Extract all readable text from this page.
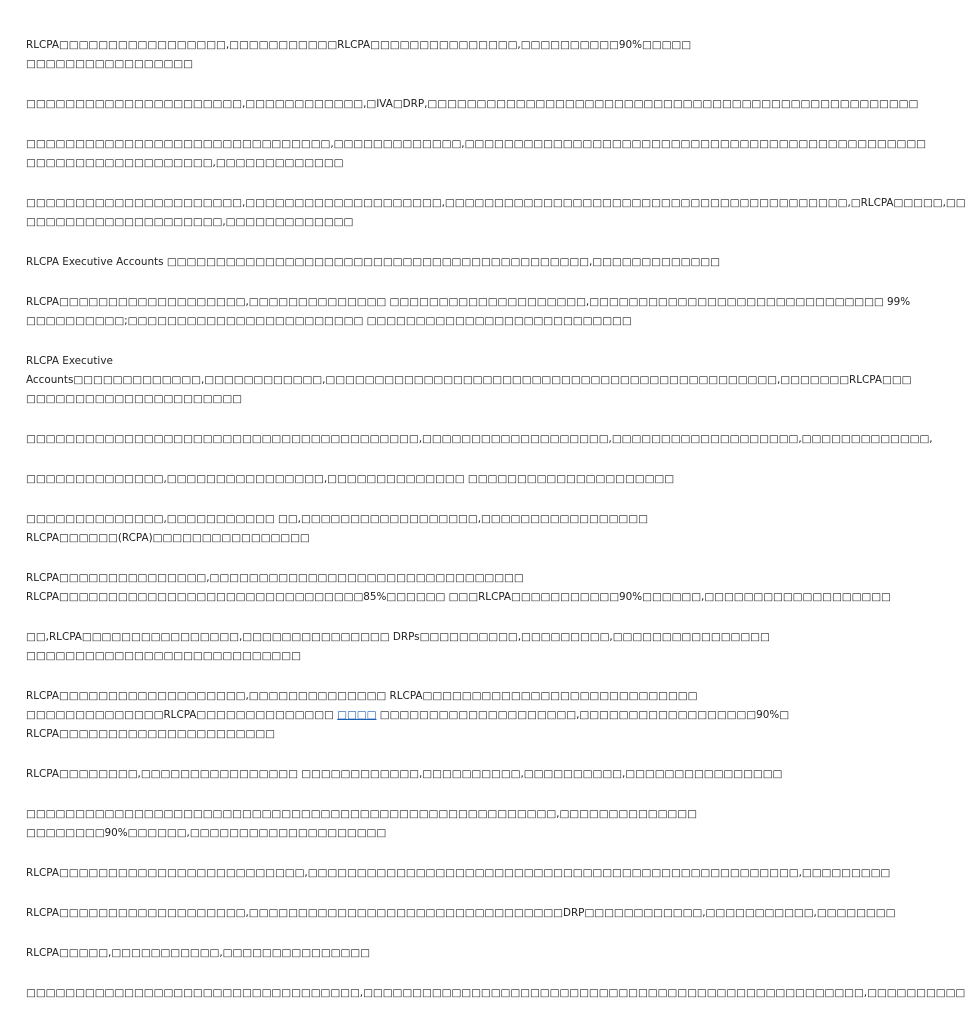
RLCPA□□□□□□□□□□□□□□□□□,□□□□□□□□□□□RLCPA□□□□□□□□□□□□□□□,□□□□□□□□□□90%□□□□□
□□□□□□□□□□□□□□□□□

□□□□□□□□□□□□□□□□□□□□□□,□□□□□□□□□□□□,□IVA□DRP,□□□□□□□□□□□□□□□□□□□□□□□□□□□□□□□□□□□□□□□□□□□□□□□□□□

□□□□□□□□□□□□□□□□□□□□□□□□□□□□□□□,□□□□□□□□□□□□□,□□□□□□□□□□□□□□□□□□□□□□□□□□□□□□□□□□□□□□□□□□□□□□□
□□□□□□□□□□□□□□□□□□□,□□□□□□□□□□□□□

□□□□□□□□□□□□□□□□□□□□□□,□□□□□□□□□□□□□□□□□□□□,□□□□□□□□□□□□□□□□□□□□□□□□□□□□□□□□□□□□□□□□□,□RLCPA□□□□□,□□
□□□□□□□□□□□□□□□□□□□□,□□□□□□□□□□□□□

RLCPA Executive Accounts □□□□□□□□□□□□□□□□□□□□□□□□□□□□□□□□□□□□□□□□□□□,□□□□□□□□□□□□□

RLCPA□□□□□□□□□□□□□□□□□□□,□□□□□□□□□□□□□□ □□□□□□□□□□□□□□□□□□□□,□□□□□□□□□□□□□□□□□□□□□□□□□□□□□□ 99%
□□□□□□□□□□;□□□□□□□□□□□□□□□□□□□□□□□□ □□□□□□□□□□□□□□□□□□□□□□□□□□□

RLCPA Executive
Accounts□□□□□□□□□□□□□,□□□□□□□□□□□□,□□□□□□□□□□□□□□□□□□□□□□□□□□□□□□□□□□□□□□□□□□□□□□,□□□□□□□RLCPA□□□
□□□□□□□□□□□□□□□□□□□□□□

□□□□□□□□□□□□□□□□□□□□□□□□□□□□□□□□□□□□□□□□,□□□□□□□□□□□□□□□□□□□,□□□□□□□□□□□□□□□□□□□,□□□□□□□□□□□□□,

□□□□□□□□□□□□□□,□□□□□□□□□□□□□□□□,□□□□□□□□□□□□□□ □□□□□□□□□□□□□□□□□□□□□

□□□□□□□□□□□□□□,□□□□□□□□□□□ □□,□□□□□□□□□□□□□□□□□□,□□□□□□□□□□□□□□□□□
RLCPA□□□□□□(RCPA)□□□□□□□□□□□□□□□□

RLCPA□□□□□□□□□□□□□□□,□□□□□□□□□□□□□□□□□□□□□□□□□□□□□□□□
RLCPA□□□□□□□□□□□□□□□□□□□□□□□□□□□□□□□85%□□□□□□ □□□RLCPA□□□□□□□□□□□90%□□□□□□,□□□□□□□□□□□□□□□□□□□

□□,RLCPA□□□□□□□□□□□□□□□□,□□□□□□□□□□□□□□□ DRPs□□□□□□□□□□,□□□□□□□□□,□□□□□□□□□□□□□□□□
□□□□□□□□□□□□□□□□□□□□□□□□□□□□

RLCPA□□□□□□□□□□□□□□□□□□□,□□□□□□□□□□□□□□ RLCPA□□□□□□□□□□□□□□□□□□□□□□□□□□□□
□□□□□□□□□□□□□□RLCPA□□□□□□□□□□□□□□ □□□□ □□□□□□□□□□□□□□□□□□□□,□□□□□□□□□□□□□□□□□□90%□
RLCPA□□□□□□□□□□□□□□□□□□□□□□

RLCPA□□□□□□□□,□□□□□□□□□□□□□□□□ □□□□□□□□□□□□,□□□□□□□□□□,□□□□□□□□□□,□□□□□□□□□□□□□□□□

□□□□□□□□□□□□□□□□□□□□□□□□□□□□□□□□□□□□□□□□□□□□□□□□□□□□□□,□□□□□□□□□□□□□□
□□□□□□□□90%□□□□□□,□□□□□□□□□□□□□□□□□□□□

RLCPA□□□□□□□□□□□□□□□□□□□□□□□□□,□□□□□□□□□□□□□□□□□□□□□□□□□□□□□□□□□□□□□□□□□□□□□□□□□□,□□□□□□□□□

RLCPA□□□□□□□□□□□□□□□□□□□,□□□□□□□□□□□□□□□□□□□□□□□□□□□□□□□□DRP□□□□□□□□□□□□,□□□□□□□□□□□,□□□□□□□□

RLCPA□□□□□,□□□□□□□□□□□,□□□□□□□□□□□□□□□

□□□□□□□□□□□□□□□□□□□□□□□□□□□□□□□□□□,□□□□□□□□□□□□□□□□□□□□□□□□□□□□□□□□□□□□□□□□□□□□□□□□□□□,□□□□□□□□□□
